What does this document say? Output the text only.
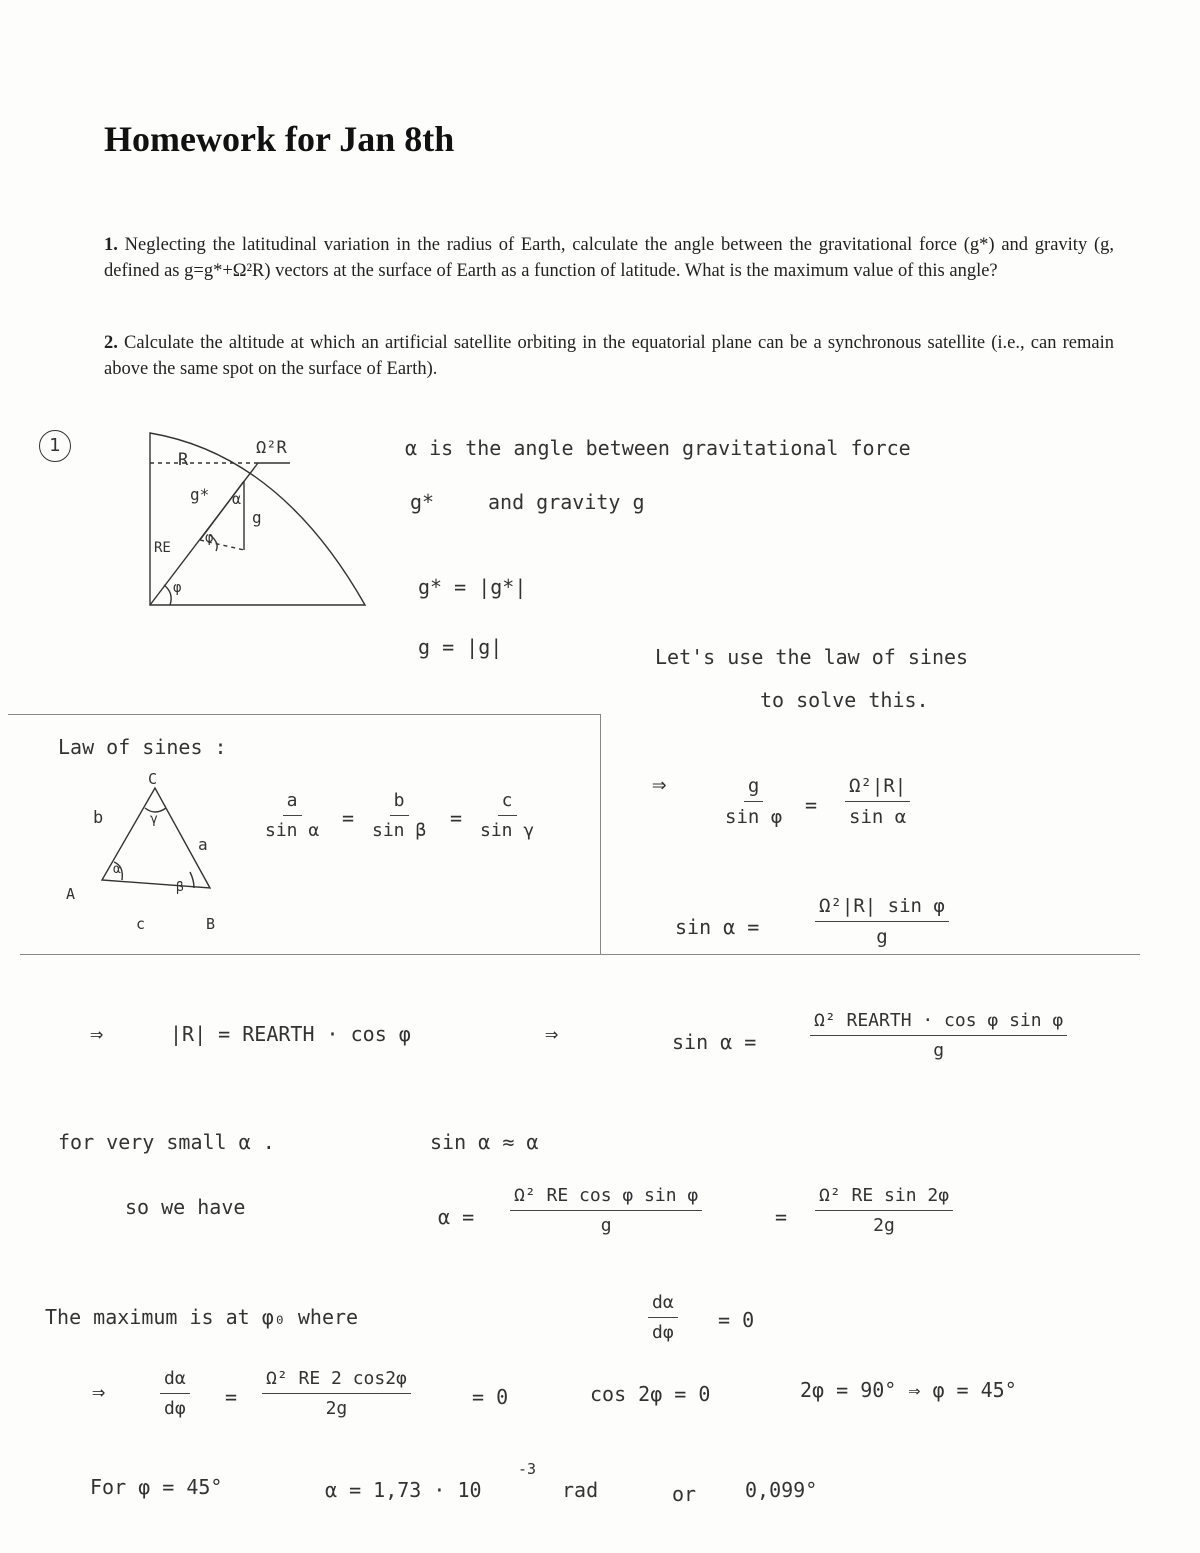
Homework for Jan 8th
1. Neglecting the latitudinal variation in the radius of Earth, calculate the angle between the gravitational force (g*) and gravity (g, defined as g=g*+Ω²R) vectors at the surface of Earth as a function of latitude. What is the maximum value of this angle?
2. Calculate the altitude at which an artificial satellite orbiting in the equatorial plane can be a synchronous satellite (i.e., can remain above the same spot on the surface of Earth).
1	Ω²R
R
g* α
g
RE
φ
φ
α is the angle between gravitational force
g*	and gravity g
g* = |g*|
g = |g|	Let's use the law of sines
to solve this.
Law of sines :
C
b
a
A
c	B
α
β
γ	$\frac{a}{\text{sin α}} = \frac{b}{\text{sin β}} = \frac{c}{\text{sin γ}}$
⇒	$\frac{g}{\text{sin φ}} = \frac{\text{Ω²|R|}}{\text{sin α}}$
sin α =	$\frac{\text{Ω²|R| sin φ}}{g}$
⇒	|R| = REARTH · cos φ	⇒	sin α =
Ω² REARTH · cos φ sin φ
g
for very small α .	sin α ≈ α
so we have	$\alpha = \frac{\text{Ω² RE cos φ sin φ}}{g}$	= $\frac{\text{Ω² RE sin 2φ}}{2g}$
The maximum is at φ₀ where	$\frac{d\alpha}{d\varphi} = 0$
⇒	$\frac{d\alpha}{d\varphi} = \frac{\text{Ω² RE 2 cos2φ}}{2g}$	= 0	cos 2φ = 0	2φ = 90° ⇒ φ = 45°
For φ = 45°	α = 1,73 · 10
-3
rad	or 0,099°
